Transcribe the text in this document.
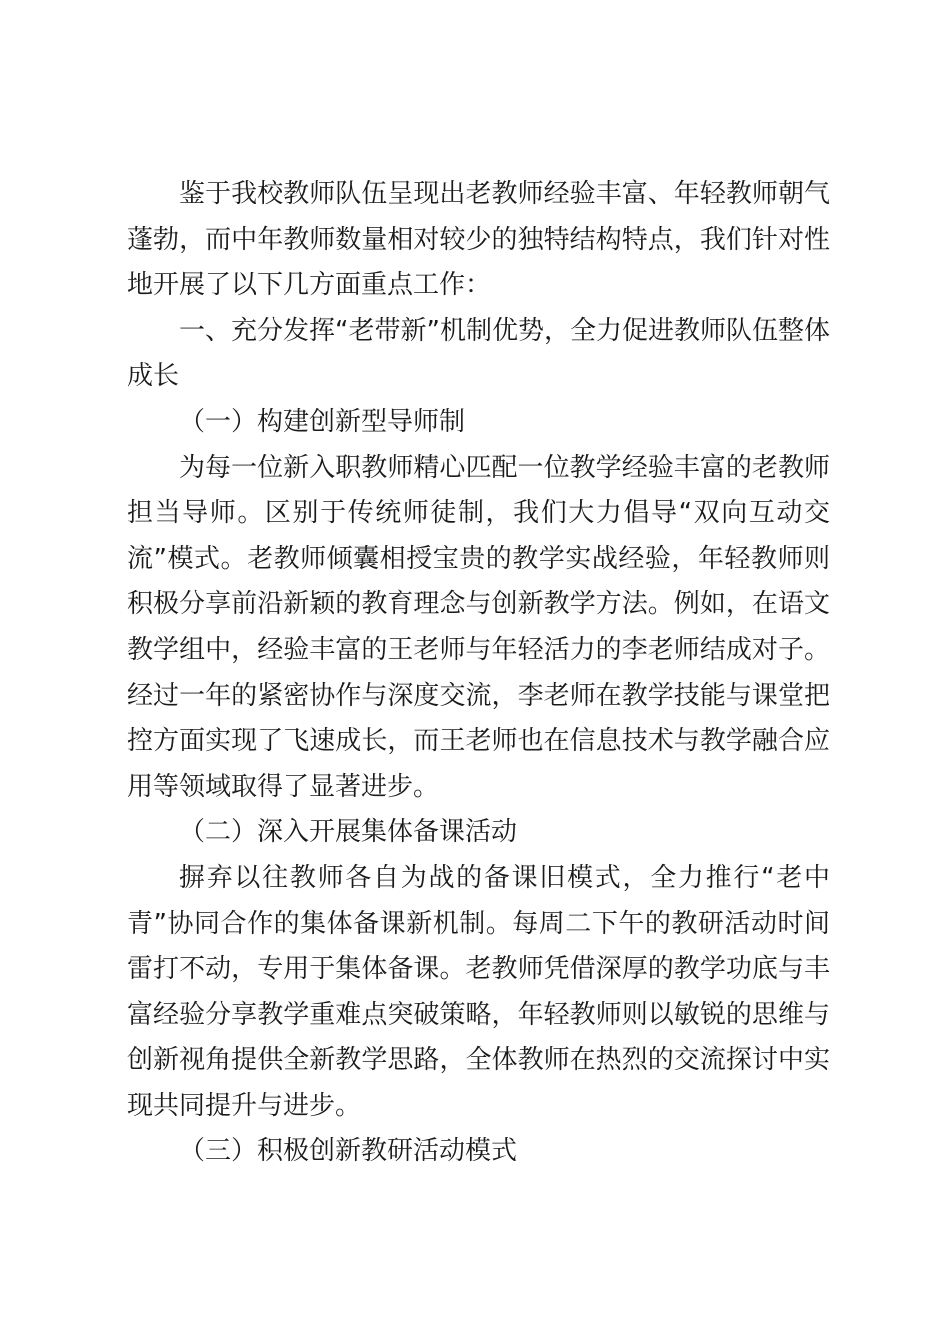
鉴于我校教师队伍呈现出老教师经验丰富、年轻教师朝气蓬勃，而中年教师数量相对较少的独特结构特点，我们针对性地开展了以下几方面重点工作：

一、充分发挥“老带新”机制优势，全力促进教师队伍整体成长

（一）构建创新型导师制

为每一位新入职教师精心匹配一位教学经验丰富的老教师担当导师。区别于传统师徒制，我们大力倡导“双向互动交流”模式。老教师倾囊相授宝贵的教学实战经验，年轻教师则积极分享前沿新颖的教育理念与创新教学方法。例如，在语文教学组中，经验丰富的王老师与年轻活力的李老师结成对子。经过一年的紧密协作与深度交流，李老师在教学技能与课堂把控方面实现了飞速成长，而王老师也在信息技术与教学融合应用等领域取得了显著进步。

（二）深入开展集体备课活动

摒弃以往教师各自为战的备课旧模式，全力推行“老中青”协同合作的集体备课新机制。每周二下午的教研活动时间雷打不动，专用于集体备课。老教师凭借深厚的教学功底与丰富经验分享教学重难点突破策略，年轻教师则以敏锐的思维与创新视角提供全新教学思路，全体教师在热烈的交流探讨中实现共同提升与进步。

（三）积极创新教研活动模式
